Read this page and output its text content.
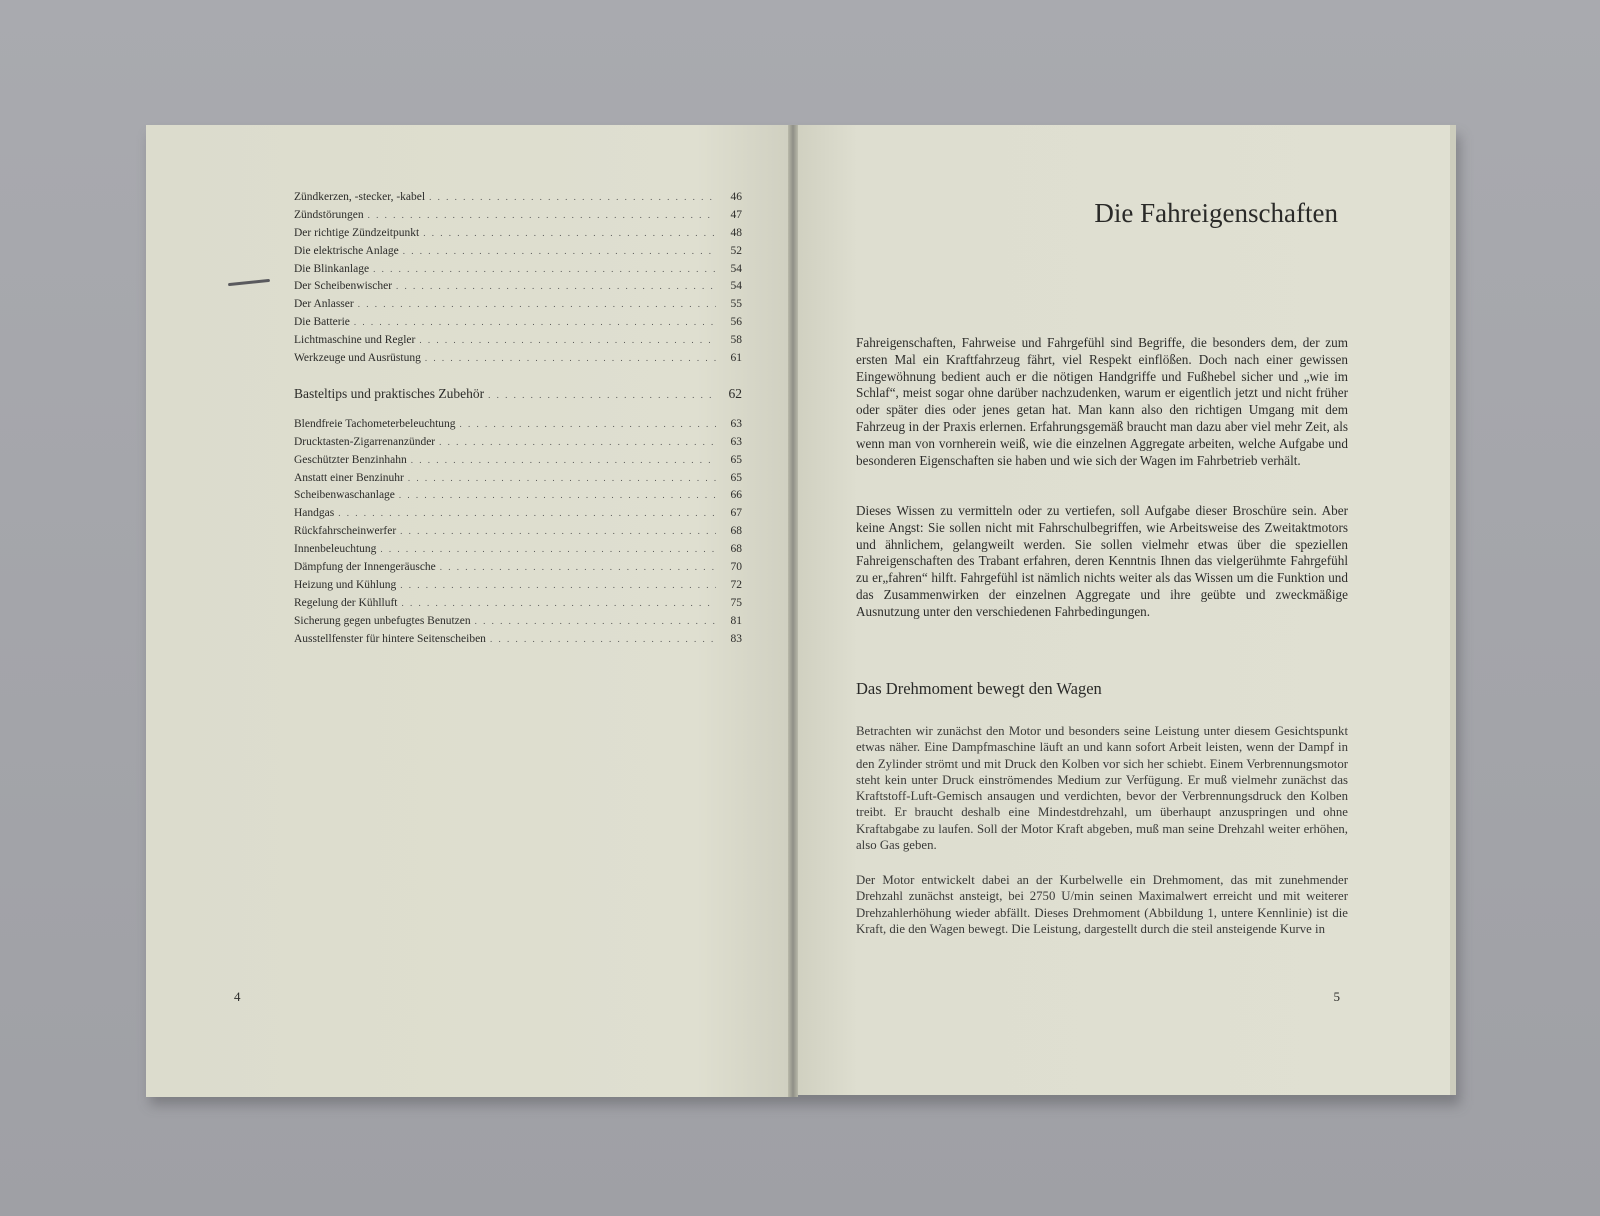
Zündkerzen, -stecker, -kabel . . .	46
Zündstörungen . . .	47
Der richtige Zündzeitpunkt . . .	48
Die elektrische Anlage . . .	52
Die Blinkanlage . . .	54
Der Scheibenwischer . . .	54
Der Anlasser . . .	55
Die Batterie . . .	56
Lichtmaschine und Regler . . .	58
Werkzeuge und Ausrüstung . . .	61
Basteltips und praktisches Zubehör . . .	62
Blendfreie Tachometerbeleuchtung . . .	63
Drucktasten-Zigarrenanzünder . . .	63
Geschützter Benzinhahn . . .	65
Anstatt einer Benzinuhr . . .	65
Scheibenwaschanlage . . .	66
Handgas . . .	67
Rückfahrscheinwerfer . . .	68
Innenbeleuchtung . . .	68
Dämpfung der Innengeräusche . . .	70
Heizung und Kühlung . . .	72
Regelung der Kühlluft . . .	75
Sicherung gegen unbefugtes Benutzen . . .	81
Ausstellfenster für hintere Seitenscheiben . . .	83
4
Die Fahreigenschaften

Fahreigenschaften, Fahrweise und Fahrgefühl sind Begriffe, die besonders dem, der zum ersten Mal ein Kraftfahrzeug fährt, viel Respekt einflößen. Doch nach einer gewissen Eingewöhnung bedient auch er die nötigen Handgriffe und Fußhebel sicher und „wie im Schlaf“, meist sogar ohne darüber nachzudenken, warum er eigentlich jetzt und nicht früher oder später dies oder jenes getan hat. Man kann also den richtigen Umgang mit dem Fahrzeug in der Praxis erlernen. Erfahrungsgemäß braucht man dazu aber viel mehr Zeit, als wenn man von vornherein weiß, wie die einzelnen Aggregate arbeiten, welche Aufgabe und besonderen Eigenschaften sie haben und wie sich der Wagen im Fahrbetrieb verhält.

Dieses Wissen zu vermitteln oder zu vertiefen, soll Aufgabe dieser Broschüre sein. Aber keine Angst: Sie sollen nicht mit Fahrschulbegriffen, wie Arbeitsweise des Zweitaktmotors und ähnlichem, gelangweilt werden. Sie sollen vielmehr etwas über die speziellen Fahreigenschaften des Trabant erfahren, deren Kenntnis Ihnen das vielgerühmte Fahrgefühl zu er„fahren“ hilft. Fahrgefühl ist nämlich nichts weiter als das Wissen um die Funktion und das Zusammenwirken der einzelnen Aggregate und ihre geübte und zweckmäßige Ausnutzung unter den verschiedenen Fahrbedingungen.

Das Drehmoment bewegt den Wagen

Betrachten wir zunächst den Motor und besonders seine Leistung unter diesem Gesichtspunkt etwas näher. Eine Dampfmaschine läuft an und kann sofort Arbeit leisten, wenn der Dampf in den Zylinder strömt und mit Druck den Kolben vor sich her schiebt. Einem Verbrennungsmotor steht kein unter Druck einströmendes Medium zur Verfügung. Er muß vielmehr zunächst das Kraftstoff-Luft-Gemisch ansaugen und verdichten, bevor der Verbrennungsdruck den Kolben treibt. Er braucht deshalb eine Mindestdrehzahl, um überhaupt anzuspringen und ohne Kraftabgabe zu laufen. Soll der Motor Kraft abgeben, muß man seine Drehzahl weiter erhöhen, also Gas geben.

Der Motor entwickelt dabei an der Kurbelwelle ein Drehmoment, das mit zunehmender Drehzahl zunächst ansteigt, bei 2750 U/min seinen Maximalwert erreicht und mit weiterer Drehzahlerhöhung wieder abfällt. Dieses Drehmoment (Abbildung 1, untere Kennlinie) ist die Kraft, die den Wagen bewegt. Die Leistung, dargestellt durch die steil ansteigende Kurve in

5
